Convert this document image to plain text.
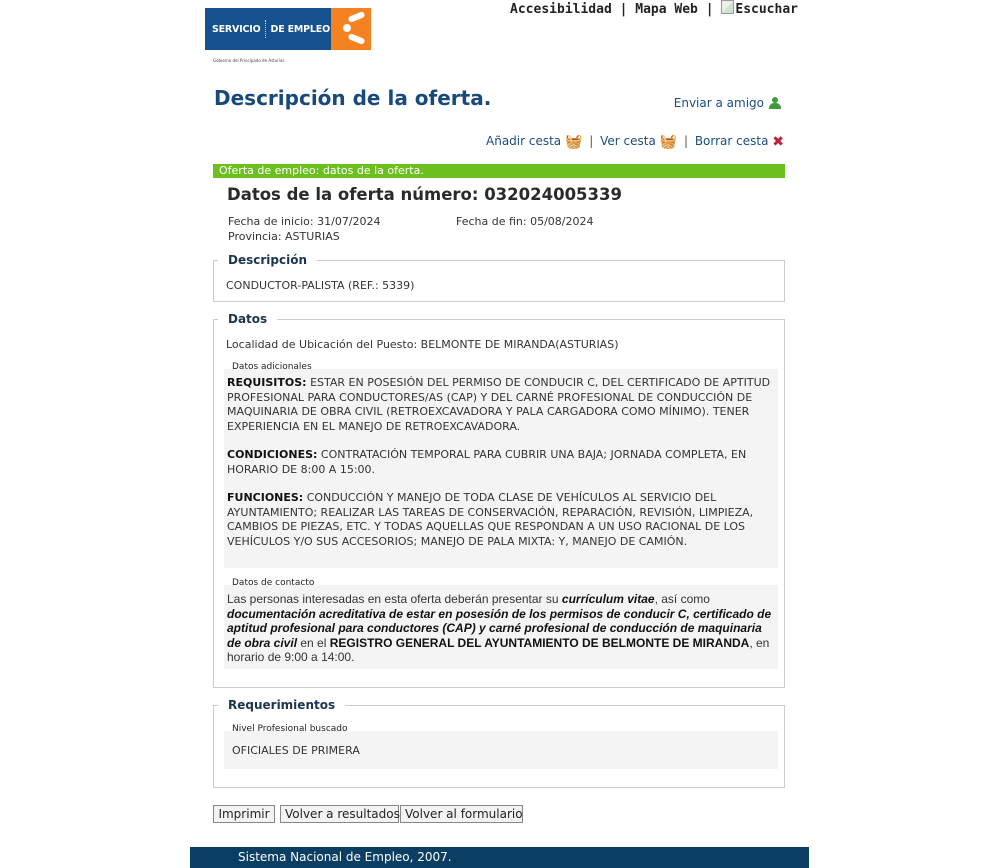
SERVICIO DE EMPLEO
Gobierno del Principado de Asturias
Accesibilidad | Mapa Web | Escuchar
Descripción de la oferta.	Enviar a amigo
Añadir cesta 🧺 | Ver cesta 🧺 | Borrar cesta ✖
Oferta de empleo: datos de la oferta.
Datos de la oferta número: 032024005339
Fecha de inicio: 31/07/2024	Fecha de fin: 05/08/2024
Provincia: ASTURIAS
Descripción
CONDUCTOR-PALISTA (REF.: 5339)
Datos
Localidad de Ubicación del Puesto: BELMONTE DE MIRANDA(ASTURIAS)
Datos adicionales
REQUISITOS: ESTAR EN POSESIÓN DEL PERMISO DE CONDUCIR C, DEL CERTIFICADO DE APTITUD PROFESIONAL PARA CONDUCTORES/AS (CAP) Y DEL CARNÉ PROFESIONAL DE CONDUCCIÓN DE MAQUINARIA DE OBRA CIVIL (RETROEXCAVADORA Y PALA CARGADORA COMO MÍNIMO). TENER EXPERIENCIA EN EL MANEJO DE RETROEXCAVADORA.
CONDICIONES: CONTRATACIÓN TEMPORAL PARA CUBRIR UNA BAJA; JORNADA COMPLETA, EN HORARIO DE 8:00 A 15:00.
FUNCIONES: CONDUCCIÓN Y MANEJO DE TODA CLASE DE VEHÍCULOS AL SERVICIO DEL AYUNTAMIENTO; REALIZAR LAS TAREAS DE CONSERVACIÓN, REPARACIÓN, REVISIÓN, LIMPIEZA, CAMBIOS DE PIEZAS, ETC. Y TODAS AQUELLAS QUE RESPONDAN A UN USO RACIONAL DE LOS VEHÍCULOS Y/O SUS ACCESORIOS; MANEJO DE PALA MIXTA: Y, MANEJO DE CAMIÓN.
Datos de contacto
Las personas interesadas en esta oferta deberán presentar su currículum vitae, así como documentación acreditativa de estar en posesión de los permisos de conducir C, certificado de aptitud profesional para conductores (CAP) y carné profesional de conducción de maquinaria de obra civil en el REGISTRO GENERAL DEL AYUNTAMIENTO DE BELMONTE DE MIRANDA, en horario de 9:00 a 14:00.
Requerimientos
Nivel Profesional buscado
OFICIALES DE PRIMERA
Imprimir	Volver a resultados Volver al formulario
Sistema Nacional de Empleo, 2007.
